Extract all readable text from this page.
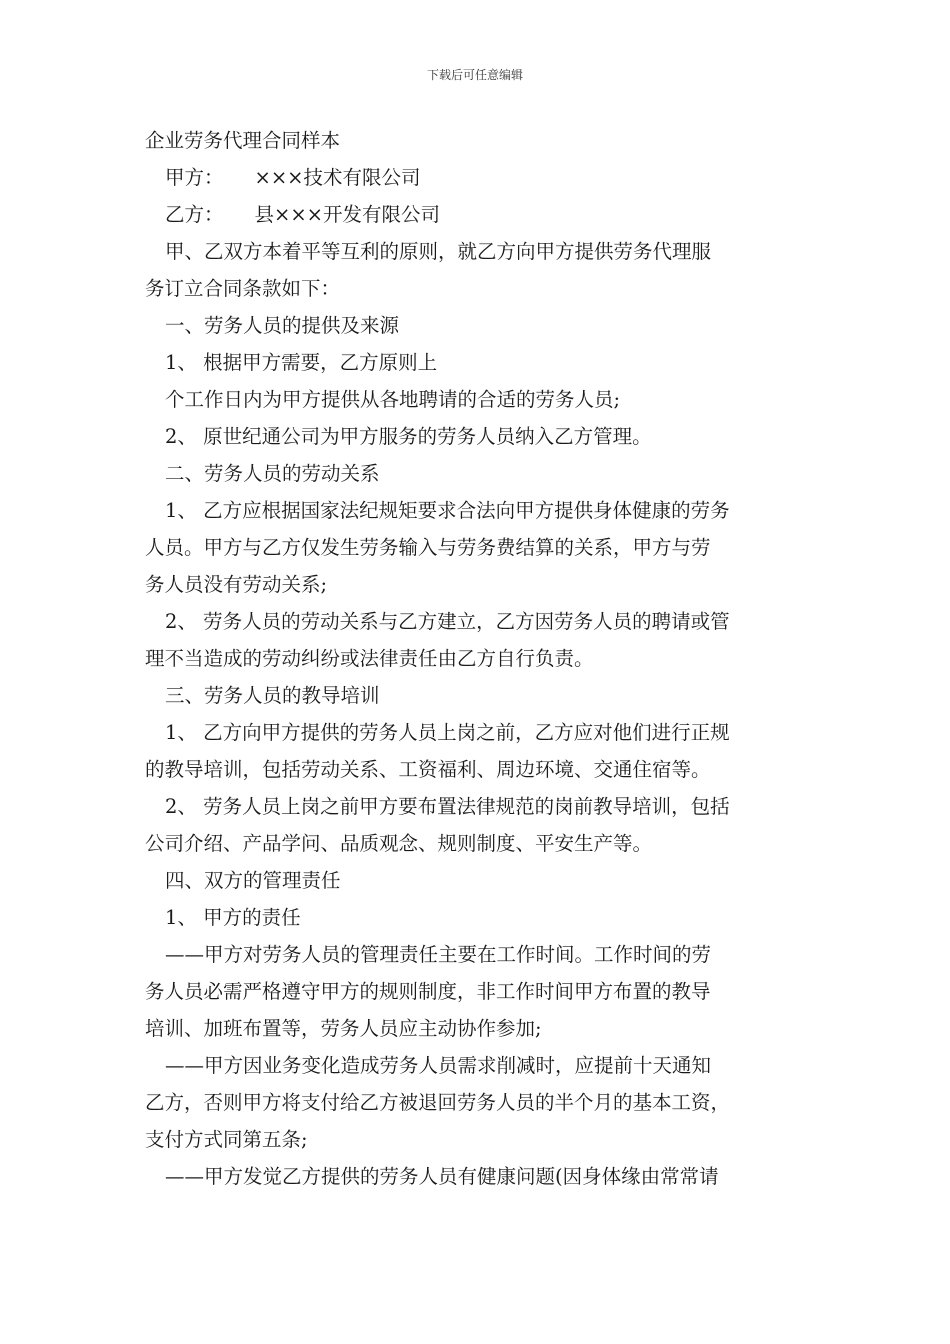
下载后可任意编辑
企业劳务代理合同样本
甲方：     ×××技术有限公司
乙方：     县×××开发有限公司
甲、乙双方本着平等互利的原则，就乙方向甲方提供劳务代理服
务订立合同条款如下：
一、劳务人员的提供及来源
1、 根据甲方需要，乙方原则上
个工作日内为甲方提供从各地聘请的合适的劳务人员;
2、 原世纪通公司为甲方服务的劳务人员纳入乙方管理。
二、劳务人员的劳动关系
1、 乙方应根据国家法纪规矩要求合法向甲方提供身体健康的劳务
人员。甲方与乙方仅发生劳务输入与劳务费结算的关系，甲方与劳
务人员没有劳动关系;
2、 劳务人员的劳动关系与乙方建立，乙方因劳务人员的聘请或管
理不当造成的劳动纠纷或法律责任由乙方自行负责。
三、劳务人员的教导培训
1、 乙方向甲方提供的劳务人员上岗之前，乙方应对他们进行正规
的教导培训，包括劳动关系、工资福利、周边环境、交通住宿等。
2、 劳务人员上岗之前甲方要布置法律规范的岗前教导培训，包括
公司介绍、产品学问、品质观念、规则制度、平安生产等。
四、双方的管理责任
1、 甲方的责任
——甲方对劳务人员的管理责任主要在工作时间。工作时间的劳
务人员必需严格遵守甲方的规则制度，非工作时间甲方布置的教导
培训、加班布置等，劳务人员应主动协作参加;
——甲方因业务变化造成劳务人员需求削减时，应提前十天通知
乙方，否则甲方将支付给乙方被退回劳务人员的半个月的基本工资，
支付方式同第五条;
——甲方发觉乙方提供的劳务人员有健康问题(因身体缘由常常请
